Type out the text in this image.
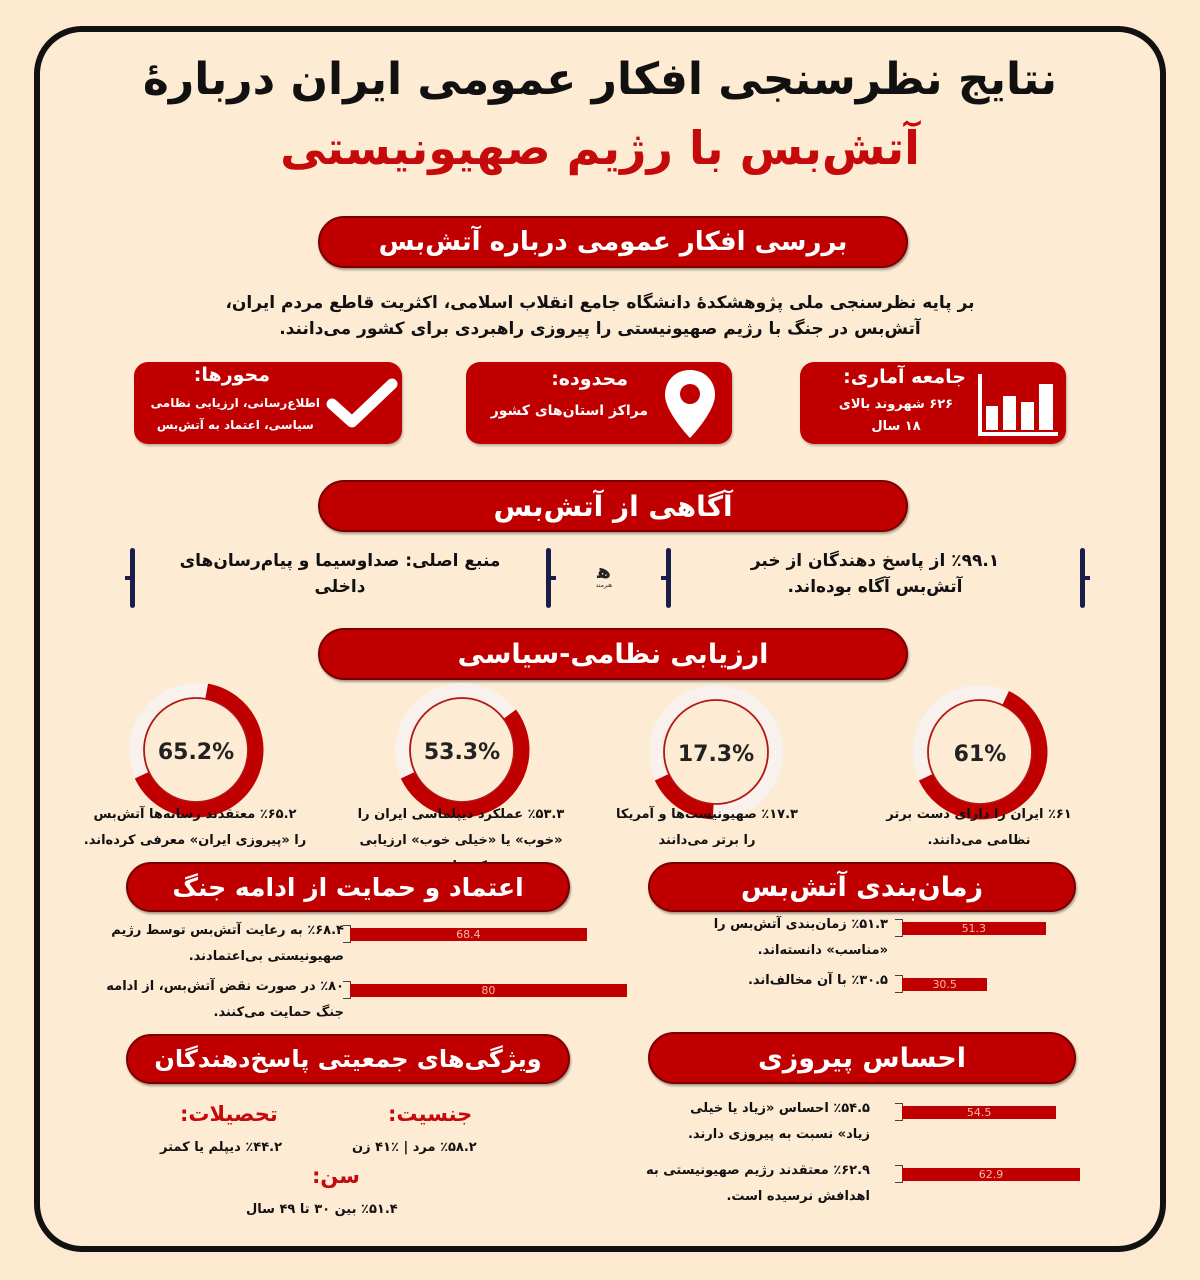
نتایج نظرسنجی افکار عمومی ایران دربارهٔ
آتش‌بس با رژیم صهیونیستی
بررسی افکار عمومی درباره آتش‌بس
بر پایه نظرسنجی ملی پژوهشکدهٔ دانشگاه جامع انقلاب اسلامی، اکثریت قاطع مردم ایران،
آتش‌بس در جنگ با رژیم صهیونیستی را پیروزی راهبردی برای کشور می‌دانند.
جامعه آماری:
۶۲۶ شهروند بالای
۱۸ سال
محدوده:
مراکز استان‌های کشور
محورها:
اطلاع‌رسانی، ارزیابی نظامی
سیاسی، اعتماد به آتش‌بس
آگاهی از آتش‌بس
٪۹۹.۱ از پاسخ دهندگان از خبر
آتش‌بس آگاه بوده‌اند.
ﻫ
هنرمند
منبع اصلی: صداوسیما و پیام‌رسان‌های
داخلی
ارزیابی نظامی-سیاسی
61%
٪۶۱ ایران را دارای دست برتر
نظامی می‌دانند.
17.3%
٪۱۷.۳ صهیونیست‌ها و آمریکا
را برتر می‌دانند
53.3%
٪۵۳.۳ عملکرد دیپلماسی ایران را
«خوب» یا «خیلی خوب» ارزیابی
65.2%
٪۶۵.۲ معتقدند رسانه‌ها آتش‌بس
را «پیروزی ایران» معرفی کرده‌اند.
اعتماد و حمایت از ادامه جنگ	زمان‌بندی آتش‌بس
68.4
٪۶۸.۴ به رعایت آتش‌بس توسط رژیم
صهیونیستی بی‌اعتمادند.
80
٪۸۰ در صورت نقض آتش‌بس، از ادامه
جنگ حمایت می‌کنند.
51.3
٪۵۱.۳ زمان‌بندی آتش‌بس را
«مناسب» دانسته‌اند.
30.5
٪۳۰.۵ با آن مخالف‌اند.
54.5
٪۵۴.۵ احساس «زیاد یا خیلی
زیاد» نسبت به پیروزی دارند.
62.9
٪۶۲.۹ معتقدند رژیم صهیونیستی به
اهدافش نرسیده است.
ویژگی‌های جمعیتی پاسخ‌دهندگان
جنسیت:
٪۵۸.۲ مرد | ٪۴۱ زن
تحصیلات:
٪۴۴.۲ دیپلم یا کمتر
سن:
٪۵۱.۴ بین ۳۰ تا ۴۹ سال
احساس پیروزی
